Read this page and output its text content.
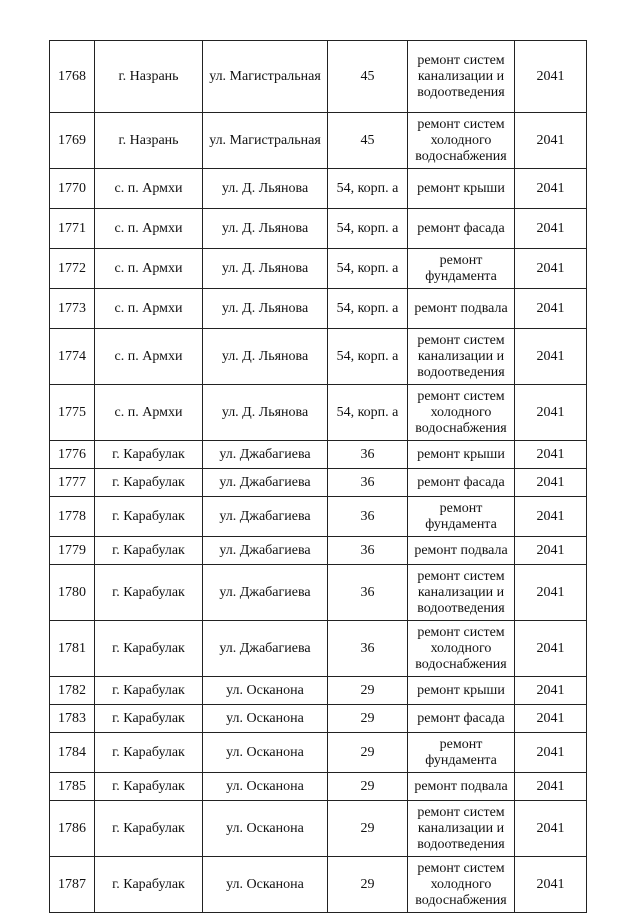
1768	г. Назрань	ул. Магистральная	45	ремонт систем канализации и водоотведения	2041
1769	г. Назрань	ул. Магистральная	45	ремонт систем холодного водоснабжения	2041
1770	с. п. Армхи	ул. Д. Льянова	54, корп. а	ремонт крыши	2041
1771	с. п. Армхи	ул. Д. Льянова	54, корп. а	ремонт фасада	2041
1772	с. п. Армхи	ул. Д. Льянова	54, корп. а	ремонт фундамента	2041
1773	с. п. Армхи	ул. Д. Льянова	54, корп. а	ремонт подвала	2041
1774	с. п. Армхи	ул. Д. Льянова	54, корп. а	ремонт систем канализации и водоотведения	2041
1775	с. п. Армхи	ул. Д. Льянова	54, корп. а	ремонт систем холодного водоснабжения	2041
1776	г. Карабулак	ул. Джабагиева	36	ремонт крыши	2041
1777	г. Карабулак	ул. Джабагиева	36	ремонт фасада	2041
1778	г. Карабулак	ул. Джабагиева	36	ремонт фундамента	2041
1779	г. Карабулак	ул. Джабагиева	36	ремонт подвала	2041
1780	г. Карабулак	ул. Джабагиева	36	ремонт систем канализации и водоотведения	2041
1781	г. Карабулак	ул. Джабагиева	36	ремонт систем холодного водоснабжения	2041
1782	г. Карабулак	ул. Осканона	29	ремонт крыши	2041
1783	г. Карабулак	ул. Осканона	29	ремонт фасада	2041
1784	г. Карабулак	ул. Осканона	29	ремонт фундамента	2041
1785	г. Карабулак	ул. Осканона	29	ремонт подвала	2041
1786	г. Карабулак	ул. Осканона	29	ремонт систем канализации и водоотведения	2041
1787	г. Карабулак	ул. Осканона	29	ремонт систем холодного водоснабжения	2041
